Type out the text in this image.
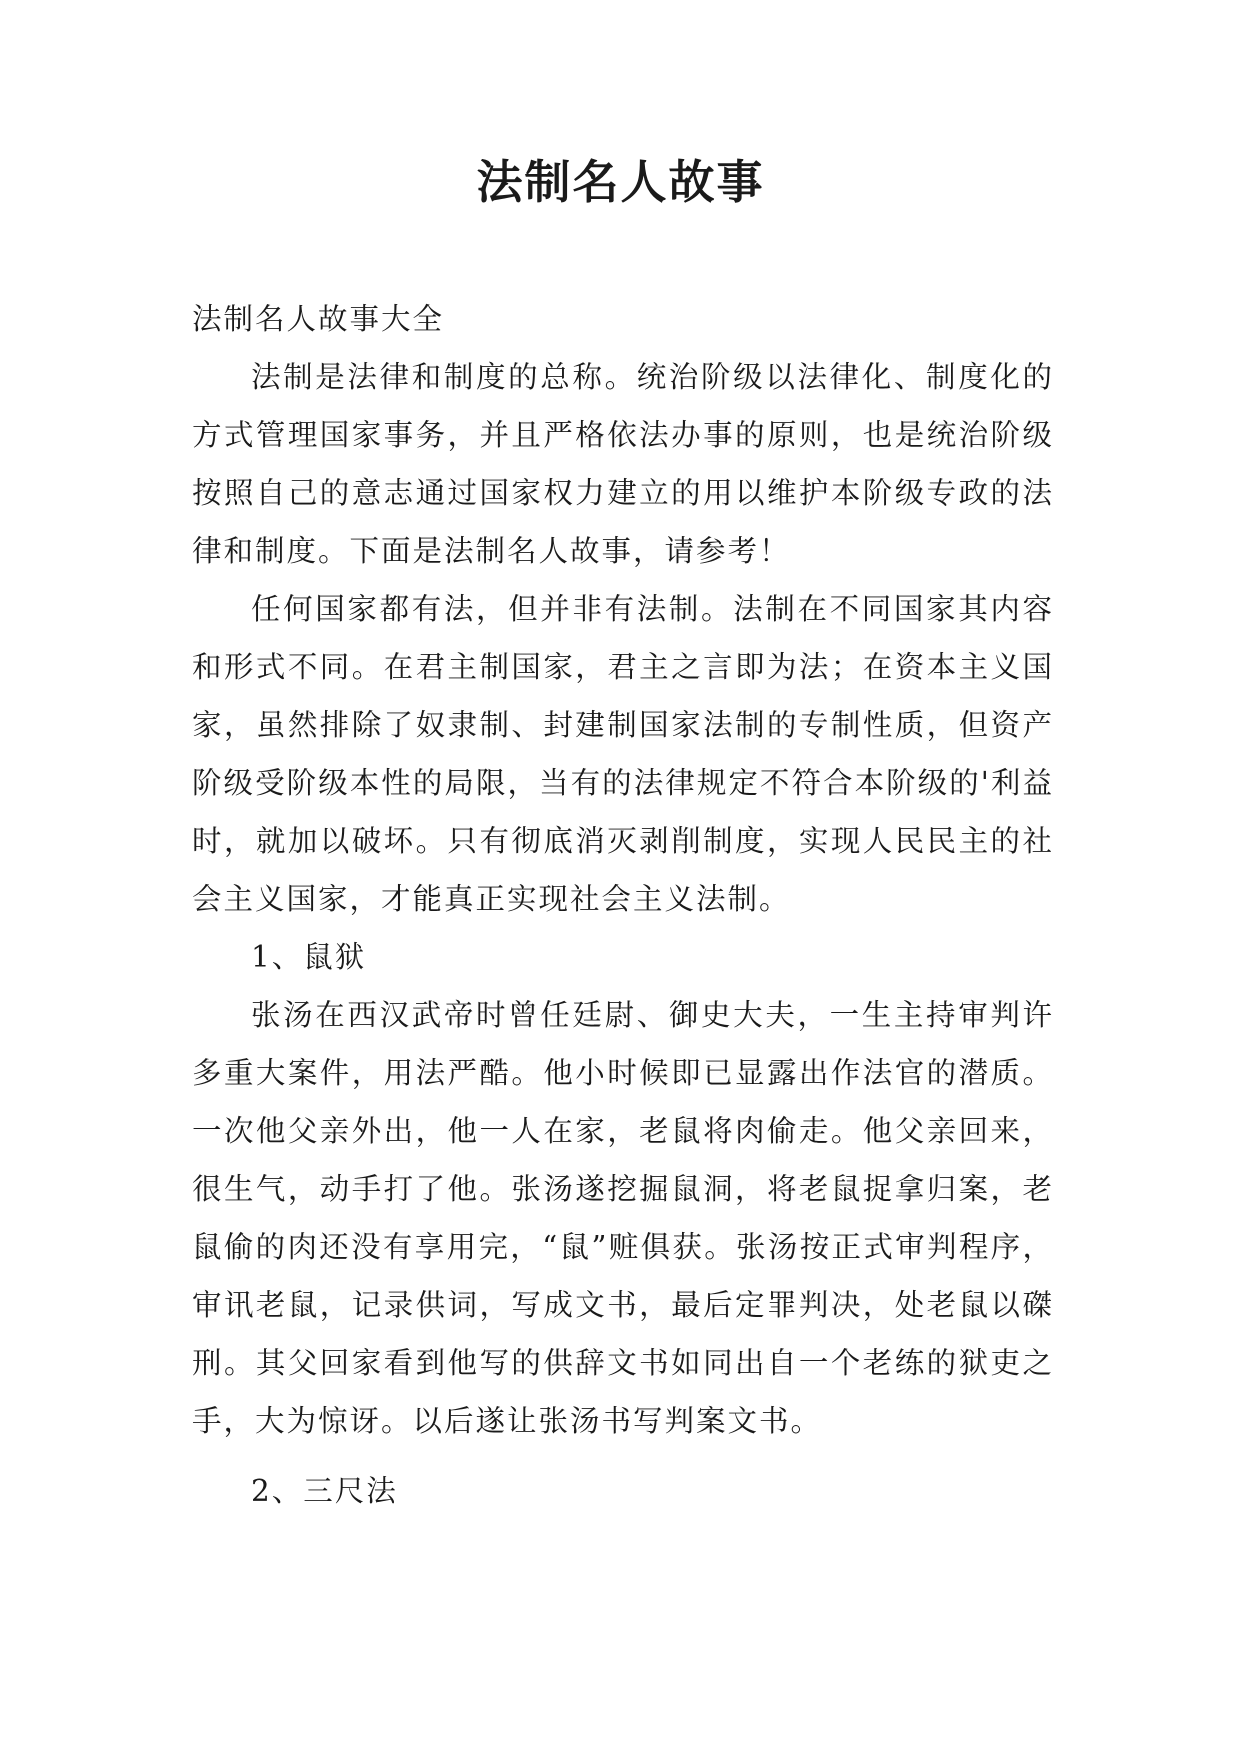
法制名人故事

法制名人故事大全

法制是法律和制度的总称。统治阶级以法律化、制度化的方式管理国家事务，并且严格依法办事的原则，也是统治阶级按照自己的意志通过国家权力建立的用以维护本阶级专政的法律和制度。下面是法制名人故事，请参考！

任何国家都有法，但并非有法制。法制在不同国家其内容和形式不同。在君主制国家，君主之言即为法；在资本主义国家，虽然排除了奴隶制、封建制国家法制的专制性质，但资产阶级受阶级本性的局限，当有的法律规定不符合本阶级的'利益时，就加以破坏。只有彻底消灭剥削制度，实现人民民主的社会主义国家，才能真正实现社会主义法制。

1、鼠狱

张汤在西汉武帝时曾任廷尉、御史大夫，一生主持审判许多重大案件，用法严酷。他小时候即已显露出作法官的潜质。一次他父亲外出，他一人在家，老鼠将肉偷走。他父亲回来，很生气，动手打了他。张汤遂挖掘鼠洞，将老鼠捉拿归案，老鼠偷的肉还没有享用完，“鼠”赃俱获。张汤按正式审判程序，审讯老鼠，记录供词，写成文书，最后定罪判决，处老鼠以磔刑。其父回家看到他写的供辞文书如同出自一个老练的狱吏之手，大为惊讶。以后遂让张汤书写判案文书。

2、三尺法
